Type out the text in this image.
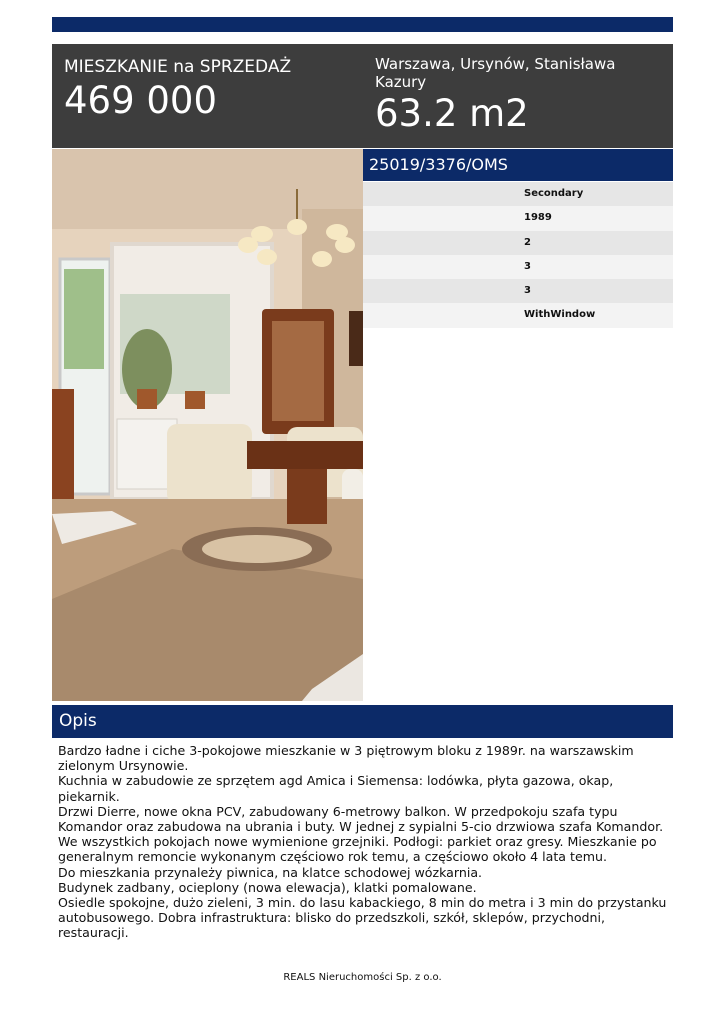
MIESZKANIE na SPRZEDAŻ
469 000
Warszawa, Ursynów, Stanisława Kazury
63.2 m2
25019/3376/OMS
Secondary
1989
2
3
3
WithWindow
Opis

Bardzo ładne i ciche 3-pokojowe mieszkanie w 3 piętrowym bloku z 1989r. na warszawskim zielonym Ursynowie.

Kuchnia w zabudowie ze sprzętem agd Amica i Siemensa: lodówka, płyta gazowa, okap, piekarnik.

Drzwi Dierre, nowe okna PCV, zabudowany 6-metrowy balkon. W przedpokoju szafa typu Komandor oraz zabudowa na ubrania i buty. W jednej z sypialni 5-cio drzwiowa szafa Komandor.

We wszystkich pokojach nowe wymienione grzejniki. Podłogi: parkiet oraz gresy. Mieszkanie po generalnym remoncie wykonanym częściowo rok temu, a częściowo około 4 lata temu.

Do mieszkania przynależy piwnica, na klatce schodowej wózkarnia.

Budynek zadbany, ocieplony (nowa elewacja), klatki pomalowane.

Osiedle spokojne, dużo zieleni, 3 min. do lasu kabackiego, 8 min do metra i 3 min do przystanku autobusowego. Dobra infrastruktura: blisko do przedszkoli, szkół, sklepów, przychodni, restauracji.

REALS Nieruchomości Sp. z o.o.
